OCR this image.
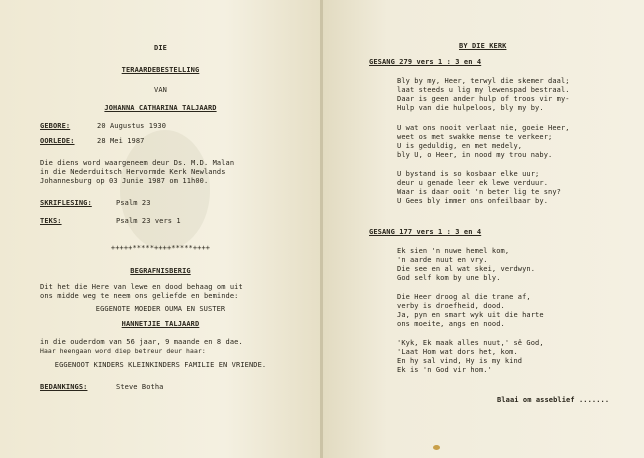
DIE
TERAARDEBESTELLING
VAN
JOHANNA CATHARINA TALJAARD
GEBORE:	20 Augustus 1930
OORLEDE:	28 Mei 1987
Die diens word waargeneem deur Ds. M.D. Malan
in die Nederduitsch Hervormde Kerk Newlands
Johannesburg op 03 Junie 1987 om 11h00.
SKRIFLESING:	Psalm 23
TEKS:	Psalm 23 vers 1
+++++*****++++*****++++
BEGRAFNISBERIG
Dit het die Here van lewe en dood behaag om uit
ons midde weg te neem ons geliefde en beminde:
EGGENOTE MOEDER OUMA EN SUSTER
HANNETJIE TALJAARD
in die ouderdom van 56 jaar, 9 maande en 8 dae.
Haar heengaan word diep betreur deur haar:
EGGENOOT KINDERS KLEINKINDERS FAMILIE EN VRIENDE.
BEDANKINGS:	Steve Botha
BY DIE KERK
GESANG 279 vers 1 : 3 en 4
Bly by my, Heer, terwyl die skemer daal;
laat steeds u lig my lewenspad bestraal.
Daar is geen ander hulp of troos vir my-
Hulp van die hulpeloos, bly my by.
U wat ons nooit verlaat nie, goeie Heer,
weet os met swakke mense te verkeer;
U is geduldig, en met medely,
bly U, o Heer, in nood my trou naby.
U bystand is so kosbaar elke uur;
deur u genade leer ek lewe verduur.
Waar is daar ooit 'n beter lig te sny?
U Gees bly immer ons onfeilbaar by.
GESANG 177 vers 1 : 3 en 4
Ek sien 'n nuwe hemel kom,
'n aarde nuut en vry.
Die see en al wat skei, verdwyn.
God self kom by une bly.
Die Heer droog al die trane af,
verby is droefheid, dood.
Ja, pyn en smart wyk uit die harte
ons moeite, angs en nood.
'Kyk, Ek maak alles nuut,' sê God,
'Laat Hom wat dors het, kom.
En hy sal vind, Hy is my kind
Ek is 'n God vir hom.'
Blaai om asseblief .......
